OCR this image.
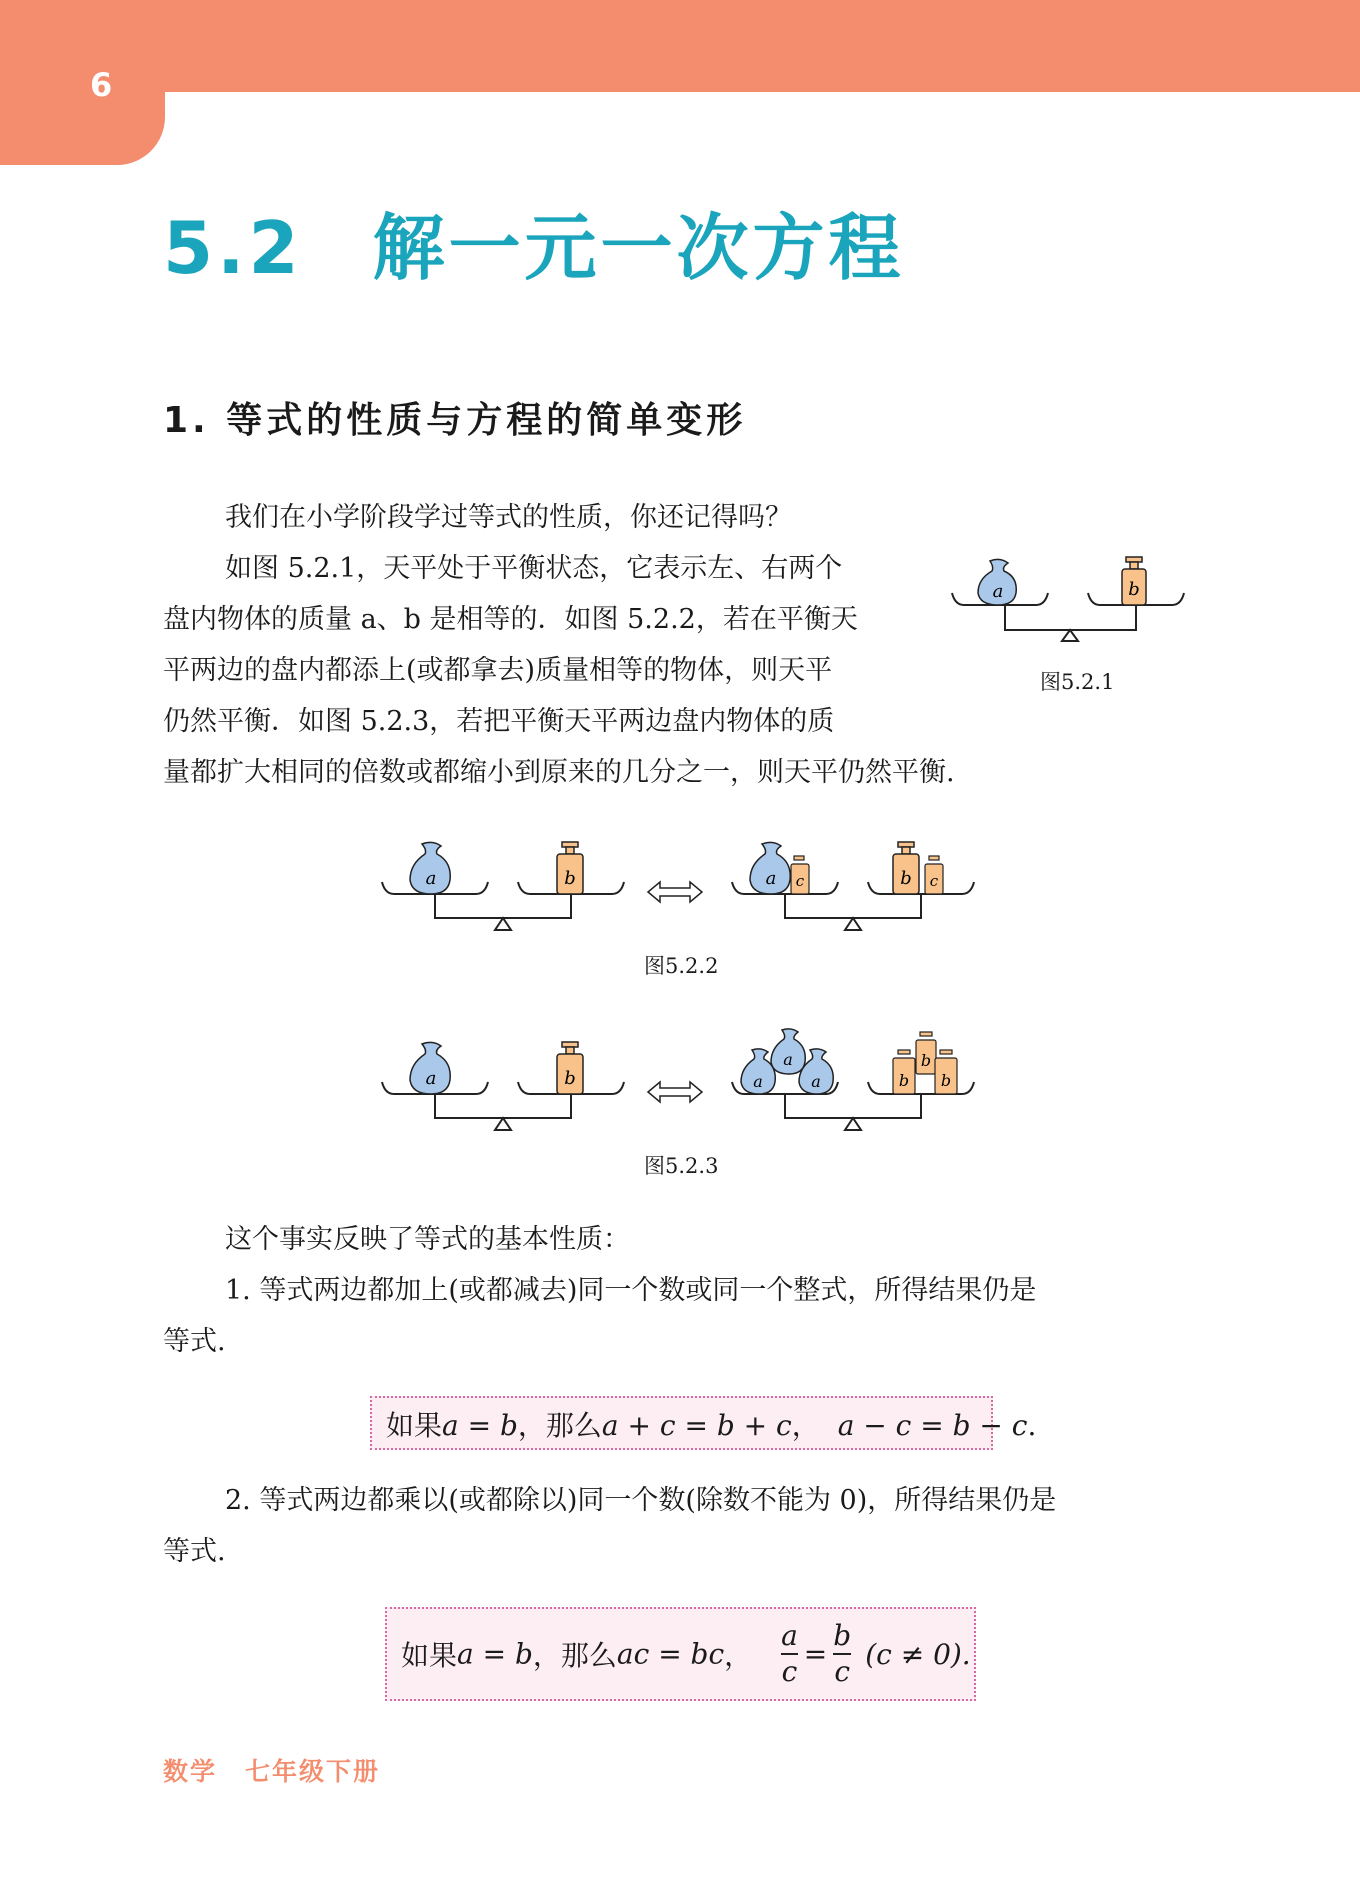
6
5.2 解一元一次方程
1. 等式的性质与方程的简单变形
我们在小学阶段学过等式的性质，你还记得吗？
如图 5.2.1，天平处于平衡状态，它表示左、右两个
盘内物体的质量 a、b 是相等的．如图 5.2.2，若在平衡天
平两边的盘内都添上(或都拿去)质量相等的物体，则天平
仍然平衡．如图 5.2.3，若把平衡天平两边盘内物体的质
量都扩大相同的倍数或都缩小到原来的几分之一，则天平仍然平衡.
a	b
图5.2.1
a	b	a c	b c
图5.2.2
a	b
a
a	a
b
b b
图5.2.3
这个事实反映了等式的基本性质：
1. 等式两边都加上(或都减去)同一个数或同一个整式，所得结果仍是
等式.
如果a = b，那么a + c = b + c， a − c = b − c.
2. 等式两边都乘以(或都除以)同一个数(除数不能为 0)，所得结果仍是
等式.
如果a = b，那么ac = bc， $\frac{a}{c} = \frac{b}{c} (c \ne 0)$.
数学 七年级下册
